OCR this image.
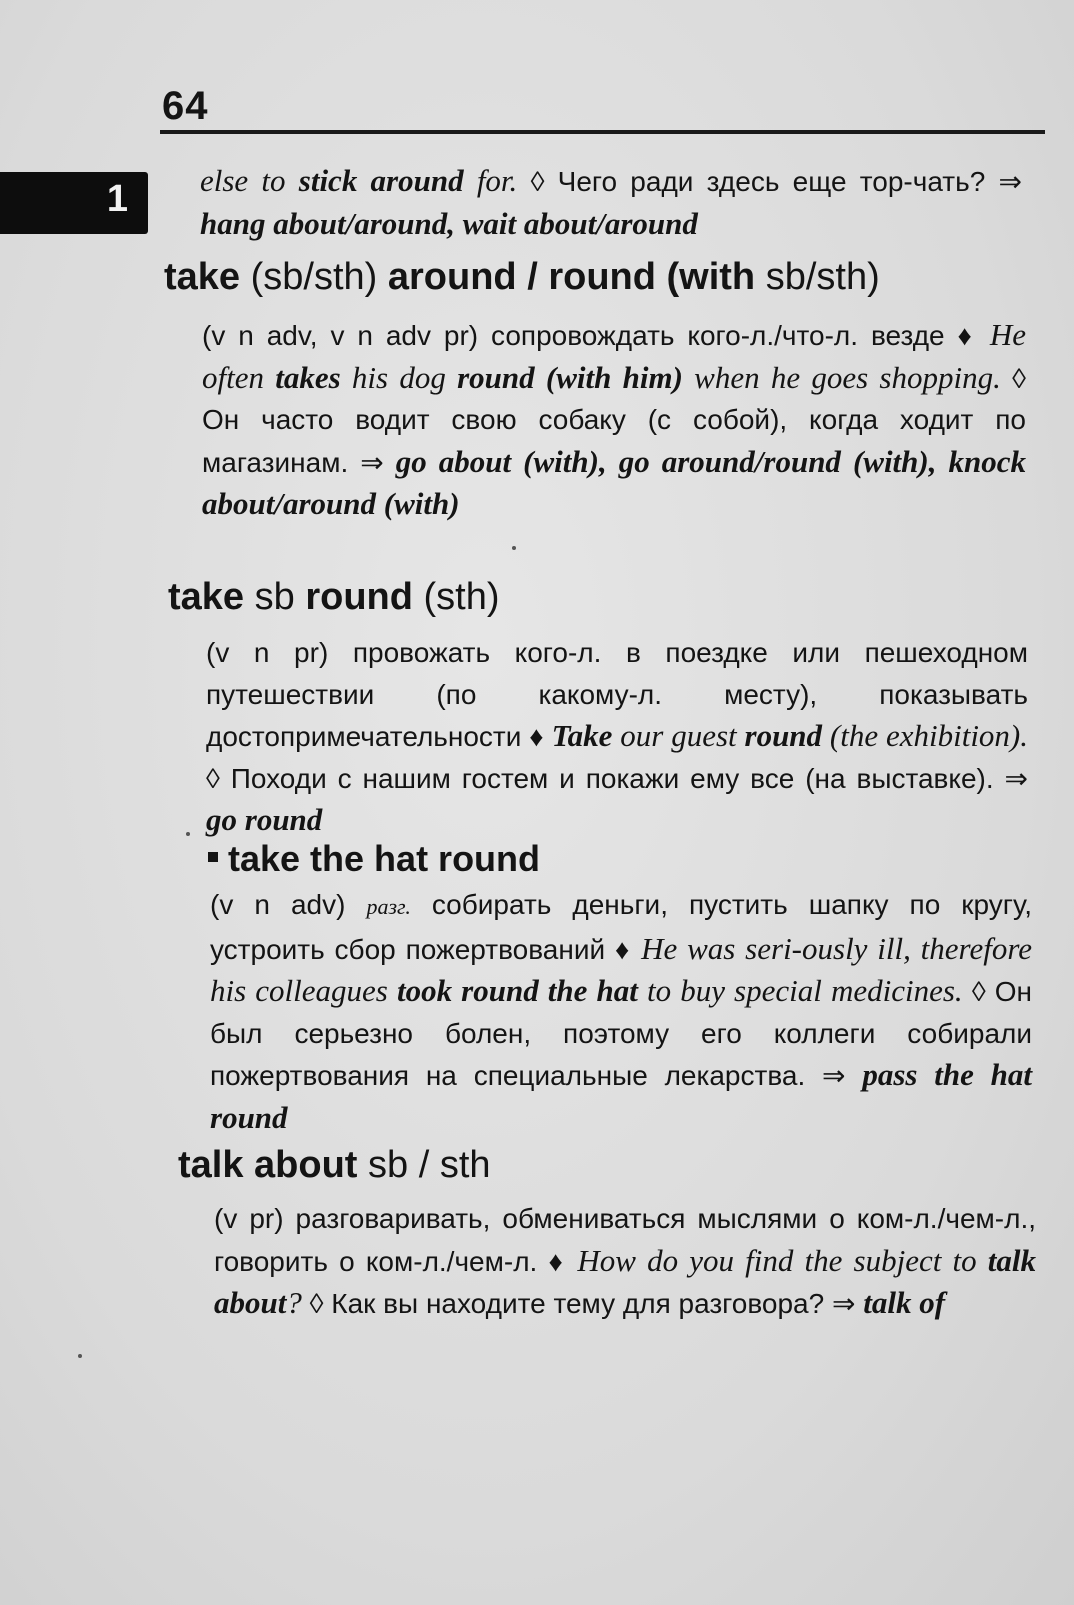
64
1 else to stick around for. ◊ Чего ради здесь еще тор-чать? ⇒ hang about/around, wait about/around
take (sb/sth) around / round (with sb/sth)
(v n adv, v n adv pr) сопровождать кого-л./что-л. везде ♦ He often takes his dog round (with him) when he goes shopping. ◊ Он часто водит свою собаку (с собой), когда ходит по магазинам. ⇒ go about (with), go around/round (with), knock about/around (with)
take sb round (sth)
(v n pr) провожать кого-л. в поездке или пешеходном путешествии (по какому-л. месту), показывать достопримечательности ♦ Take our guest round (the exhibition). ◊ Походи с нашим гостем и покажи ему все (на выставке). ⇒ go round
take the hat round
(v n adv) разг. собирать деньги, пустить шапку по кругу, устроить сбор пожертвований ♦ He was seri-ously ill, therefore his colleagues took round the hat to buy special medicines. ◊ Он был серьезно болен, поэтому его коллеги собирали пожертвования на специальные лекарства. ⇒ pass the hat round
talk about sb / sth
(v pr) разговаривать, обмениваться мыслями о ком-л./чем-л., говорить о ком-л./чем-л. ♦ How do you find the subject to talk about? ◊ Как вы находите тему для разговора? ⇒ talk of
